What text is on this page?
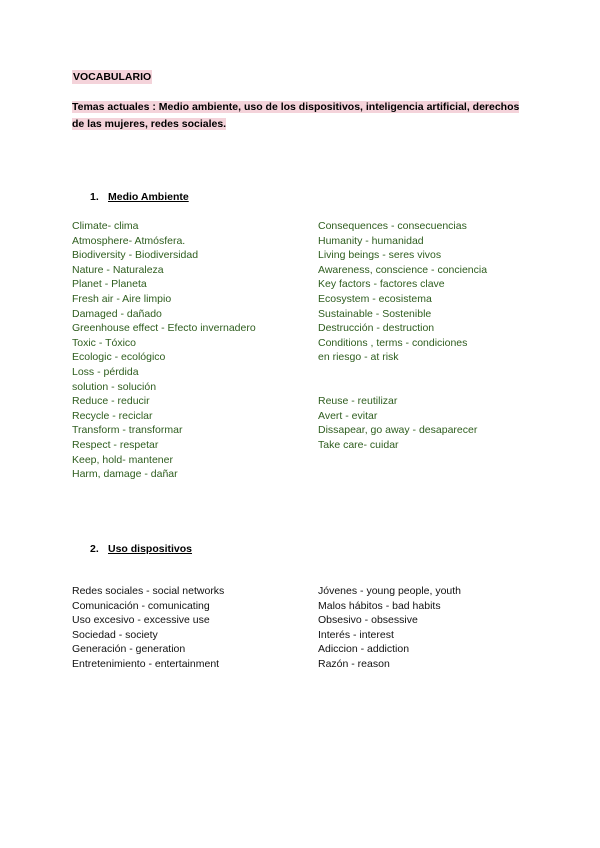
VOCABULARIO
Temas actuales : Medio ambiente, uso de los dispositivos, inteligencia artificial, derechos de las mujeres, redes sociales.
1. Medio Ambiente
Climate- clima
Atmosphere- Atmósfera.
Biodiversity - Biodiversidad
Nature - Naturaleza
Planet - Planeta
Fresh air - Aire limpio
Damaged - dañado
Greenhouse effect - Efecto invernadero
Toxic - Tóxico
Ecologic - ecológico
Loss - pérdida
solution - solución
Reduce - reducir
Recycle - reciclar
Transform - transformar
Respect - respetar
Keep, hold- mantener
Harm, damage - dañar
Consequences - consecuencias
Humanity - humanidad
Living beings - seres vivos
Awareness, conscience - conciencia
Key factors - factores clave
Ecosystem - ecosistema
Sustainable - Sostenible
Destrucción - destruction
Conditions , terms - condiciones
en riesgo - at risk
Reuse - reutilizar
Avert - evitar
Dissapear, go away - desaparecer
Take care- cuidar
2. Uso dispositivos
Redes sociales - social networks
Comunicación - comunicating
Uso excesivo - excessive use
Sociedad - society
Generación - generation
Entretenimiento - entertainment
Jóvenes - young people, youth
Malos hábitos - bad habits
Obsesivo - obsessive
Interés - interest
Adiccion - addiction
Razón - reason
